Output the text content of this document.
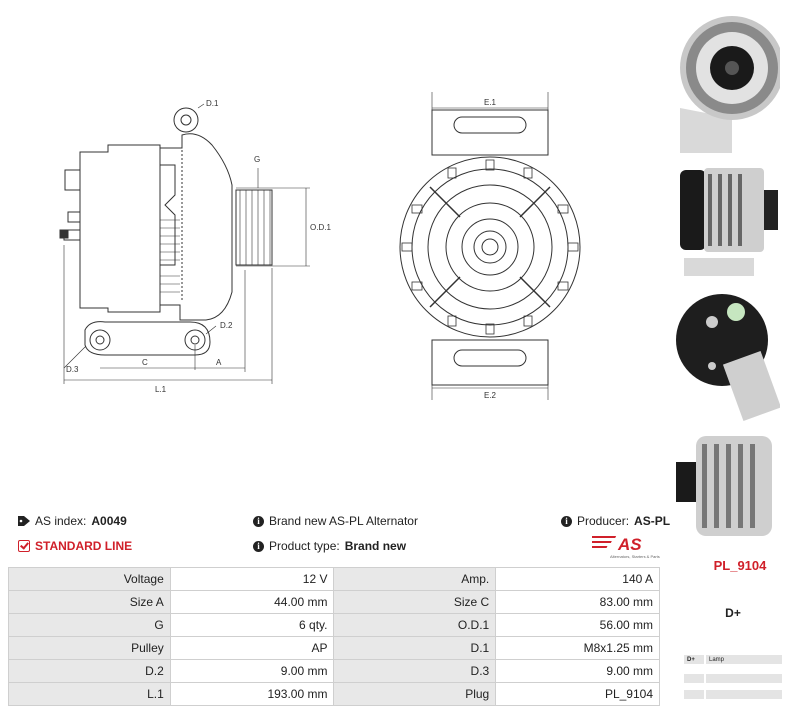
D.1
G
O.D.1
D.2
D.3
C	A
L.1
E.1
E.2
AS index: A0049
STANDARD LINE
i Brand new AS-PL Alternator
i Product type: Brand new
i Producer: AS-PL
AS
Alternators, Starters & Parts
Voltage	12 V	Amp.	140 A
Size A	44.00 mm	Size C	83.00 mm
G	6 qty.	O.D.1	56.00 mm
Pulley	AP	D.1	M8x1.25 mm
D.2	9.00 mm	D.3	9.00 mm
L.1	193.00 mm	Plug	PL_9104
PL_9104
D+
D+	Lamp
